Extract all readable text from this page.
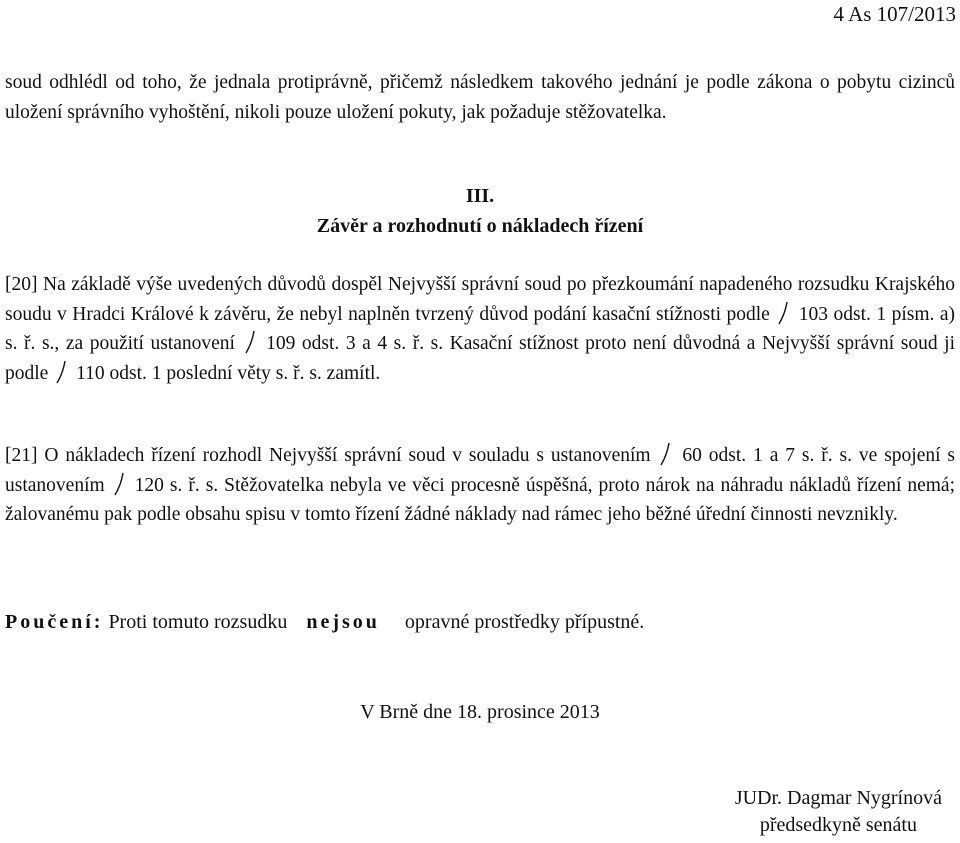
4 As 107/2013

soud odhlédl od toho, že jednala protiprávně, přičemž následkem takového jednání je podle zákona o pobytu cizinců uložení správního vyhoštění, nikoli pouze uložení pokuty, jak požaduje stěžovatelka.

III.
Závěr a rozhodnutí o nákladech řízení

[20] Na základě výše uvedených důvodů dospěl Nejvyšší správní soud po přezkoumání napadeného rozsudku Krajského soudu v Hradci Králové k závěru, že nebyl naplněn tvrzený důvod podání kasační stížnosti podle  103 odst. 1 písm. a) s. ř. s., za použití ustanovení  109 odst. 3 a 4 s. ř. s. Kasační stížnost proto není důvodná a Nejvyšší správní soud ji podle  110 odst. 1 poslední věty s. ř. s. zamítl.

[21] O nákladech řízení rozhodl Nejvyšší správní soud v souladu s ustanovením  60 odst. 1 a 7 s. ř. s. ve spojení s ustanovením  120 s. ř. s. Stěžovatelka nebyla ve věci procesně úspěšná, proto nárok na náhradu nákladů řízení nemá; žalovanému pak podle obsahu spisu v tomto řízení žádné náklady nad rámec jeho běžné úřední činnosti nevznikly.

Poučení: Proti tomuto rozsudku nejsou opravné prostředky přípustné.
V Brně dne 18. prosince 2013
JUDr. Dagmar Nygrínová
předsedkyně senátu
